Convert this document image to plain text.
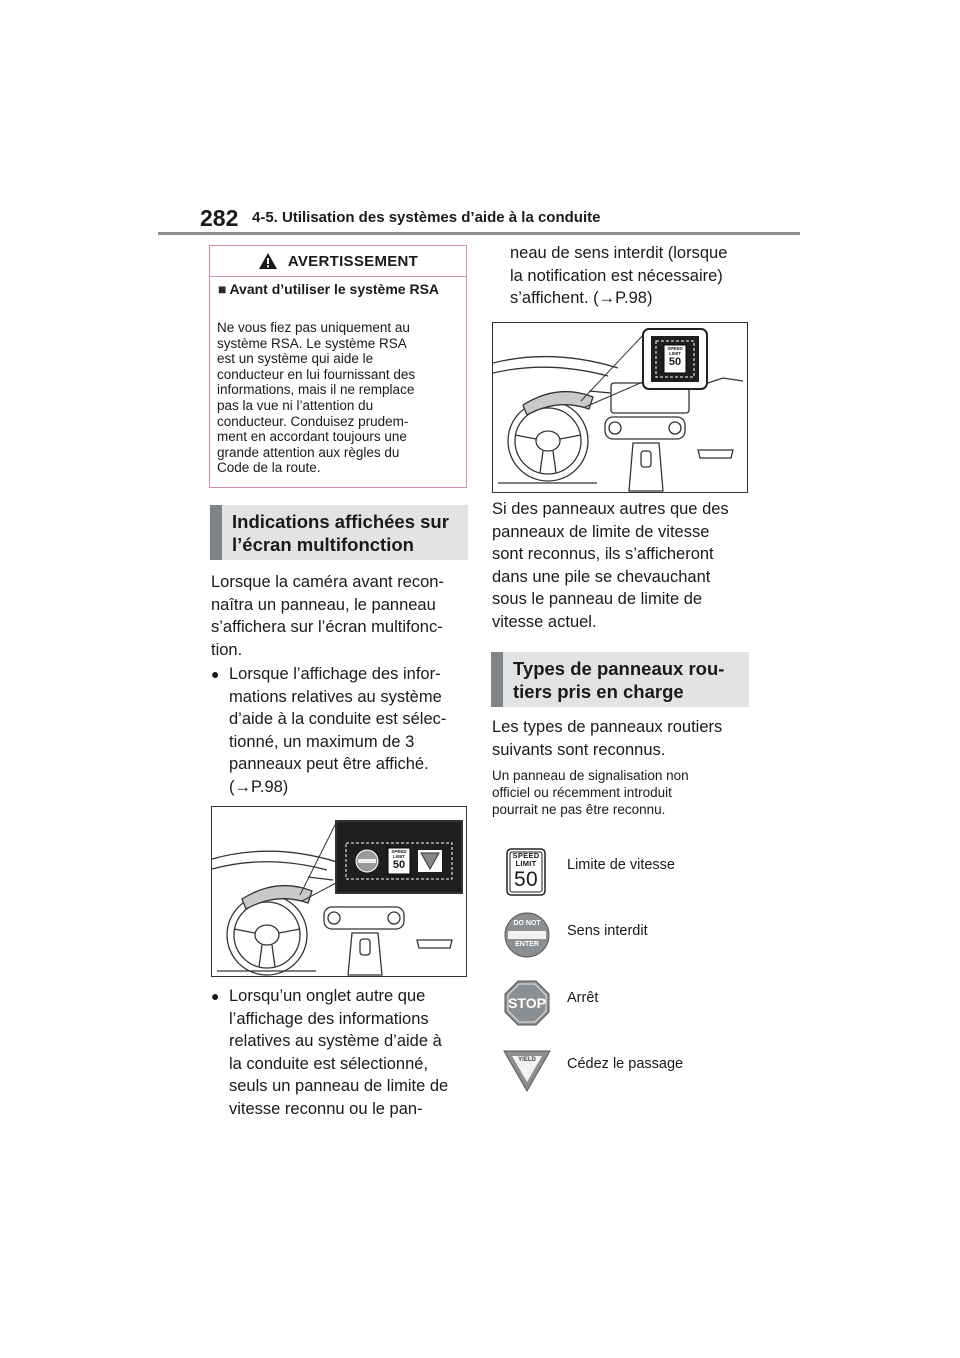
282 4-5. Utilisation des systèmes d’aide à la conduite
AVERTISSEMENT
■ Avant d’utiliser le système RSA
Ne vous fiez pas uniquement au
système RSA. Le système RSA
est un système qui aide le
conducteur en lui fournissant des
informations, mais il ne remplace
pas la vue ni l’attention du
conducteur. Conduisez prudem-
ment en accordant toujours une
grande attention aux règles du
Code de la route.
Indications affichées sur
l’écran multifonction
Lorsque la caméra avant recon-
naîtra un panneau, le panneau
s’affichera sur l’écran multifonc-
tion.
● Lorsque l’affichage des infor-
mations relatives au système
d’aide à la conduite est sélec-
tionné, un maximum de 3
panneaux peut être affiché.
(→P.98)
SPEED
LIMIT
50
● Lorsqu’un onglet autre que
l’affichage des informations
relatives au système d’aide à
la conduite est sélectionné,
seuls un panneau de limite de
vitesse reconnu ou le pan-
neau de sens interdit (lorsque
la notification est nécessaire)
s’affichent. (→P.98)
SPEED
LIMIT
50
Si des panneaux autres que des
panneaux de limite de vitesse
sont reconnus, ils s’afficheront
dans une pile se chevauchant
sous le panneau de limite de
vitesse actuel.
Types de panneaux rou-
tiers pris en charge
Les types de panneaux routiers
suivants sont reconnus.
Un panneau de signalisation non
officiel ou récemment introduit
pourrait ne pas être reconnu.
SPEED
LIMIT
50
Limite de vitesse
DO NOT
ENTER
Sens interdit
STOP Arrêt
YIELD	Cédez le passage
